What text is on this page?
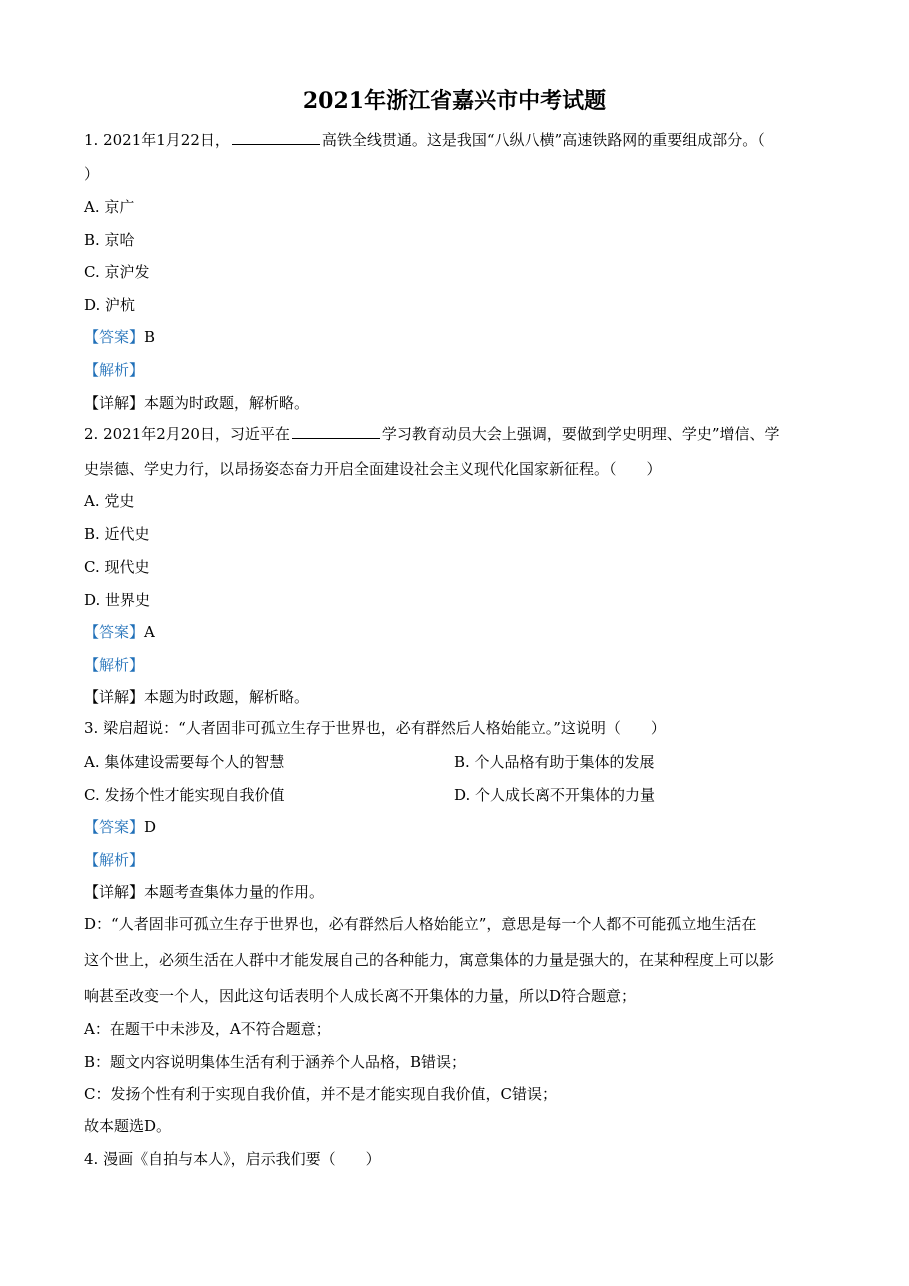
2021年浙江省嘉兴市中考试题
1. 2021年1月22日，	高铁全线贯通。这是我国“八纵八横”高速铁路网的重要组成部分。（
）
A. 京广
B. 京哈
C. 京沪发
D. 沪杭
【答案】B
【解析】
【详解】本题为时政题，解析略。
2. 2021年2月20日，习近平在	学习教育动员大会上强调，要做到学史明理、学史”增信、学
史崇德、学史力行，以昂扬姿态奋力开启全面建设社会主义现代化国家新征程。（　　）
A. 党史
B. 近代史
C. 现代史
D. 世界史
【答案】A
【解析】
【详解】本题为时政题，解析略。
3. 梁启超说：“人者固非可孤立生存于世界也，必有群然后人格始能立。”这说明（　　）
A. 集体建设需要每个人的智慧	B. 个人品格有助于集体的发展
C. 发扬个性才能实现自我价值	D. 个人成长离不开集体的力量
【答案】D
【解析】
【详解】本题考查集体力量的作用。
D：“人者固非可孤立生存于世界也，必有群然后人格始能立”，意思是每一个人都不可能孤立地生活在
这个世上，必须生活在人群中才能发展自己的各种能力，寓意集体的力量是强大的，在某种程度上可以影
响甚至改变一个人，因此这句话表明个人成长离不开集体的力量，所以D符合题意；
A：在题干中未涉及，A不符合题意；
B：题文内容说明集体生活有利于涵养个人品格，B错误；
C：发扬个性有利于实现自我价值，并不是才能实现自我价值，C错误；
故本题选D。
4. 漫画《自拍与本人》，启示我们要（　　）
